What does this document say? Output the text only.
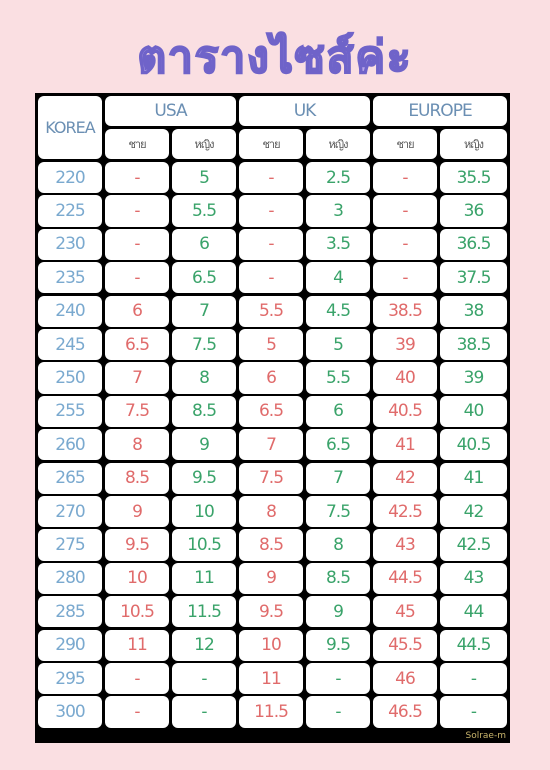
ตารางไซส์ค่ะ
KOREA
USA	UK	EUROPE
ชาย	หญิง	ชาย	หญิง	ชาย	หญิง
220	-	5	-	2.5	-	35.5
225	-	5.5	-	3	-	36
230	-	6	-	3.5	-	36.5
235	-	6.5	-	4	-	37.5
240	6	7	5.5	4.5	38.5	38
245	6.5	7.5	5	5	39	38.5
250	7	8	6	5.5	40	39
255	7.5	8.5	6.5	6	40.5	40
260	8	9	7	6.5	41	40.5
265	8.5	9.5	7.5	7	42	41
270	9	10	8	7.5	42.5	42
275	9.5	10.5	8.5	8	43	42.5
280	10	11	9	8.5	44.5	43
285	10.5	11.5	9.5	9	45	44
290	11	12	10	9.5	45.5	44.5
295	-	-	11	-	46	-
300	-	-	11.5	-	46.5	-
Solrae-m
